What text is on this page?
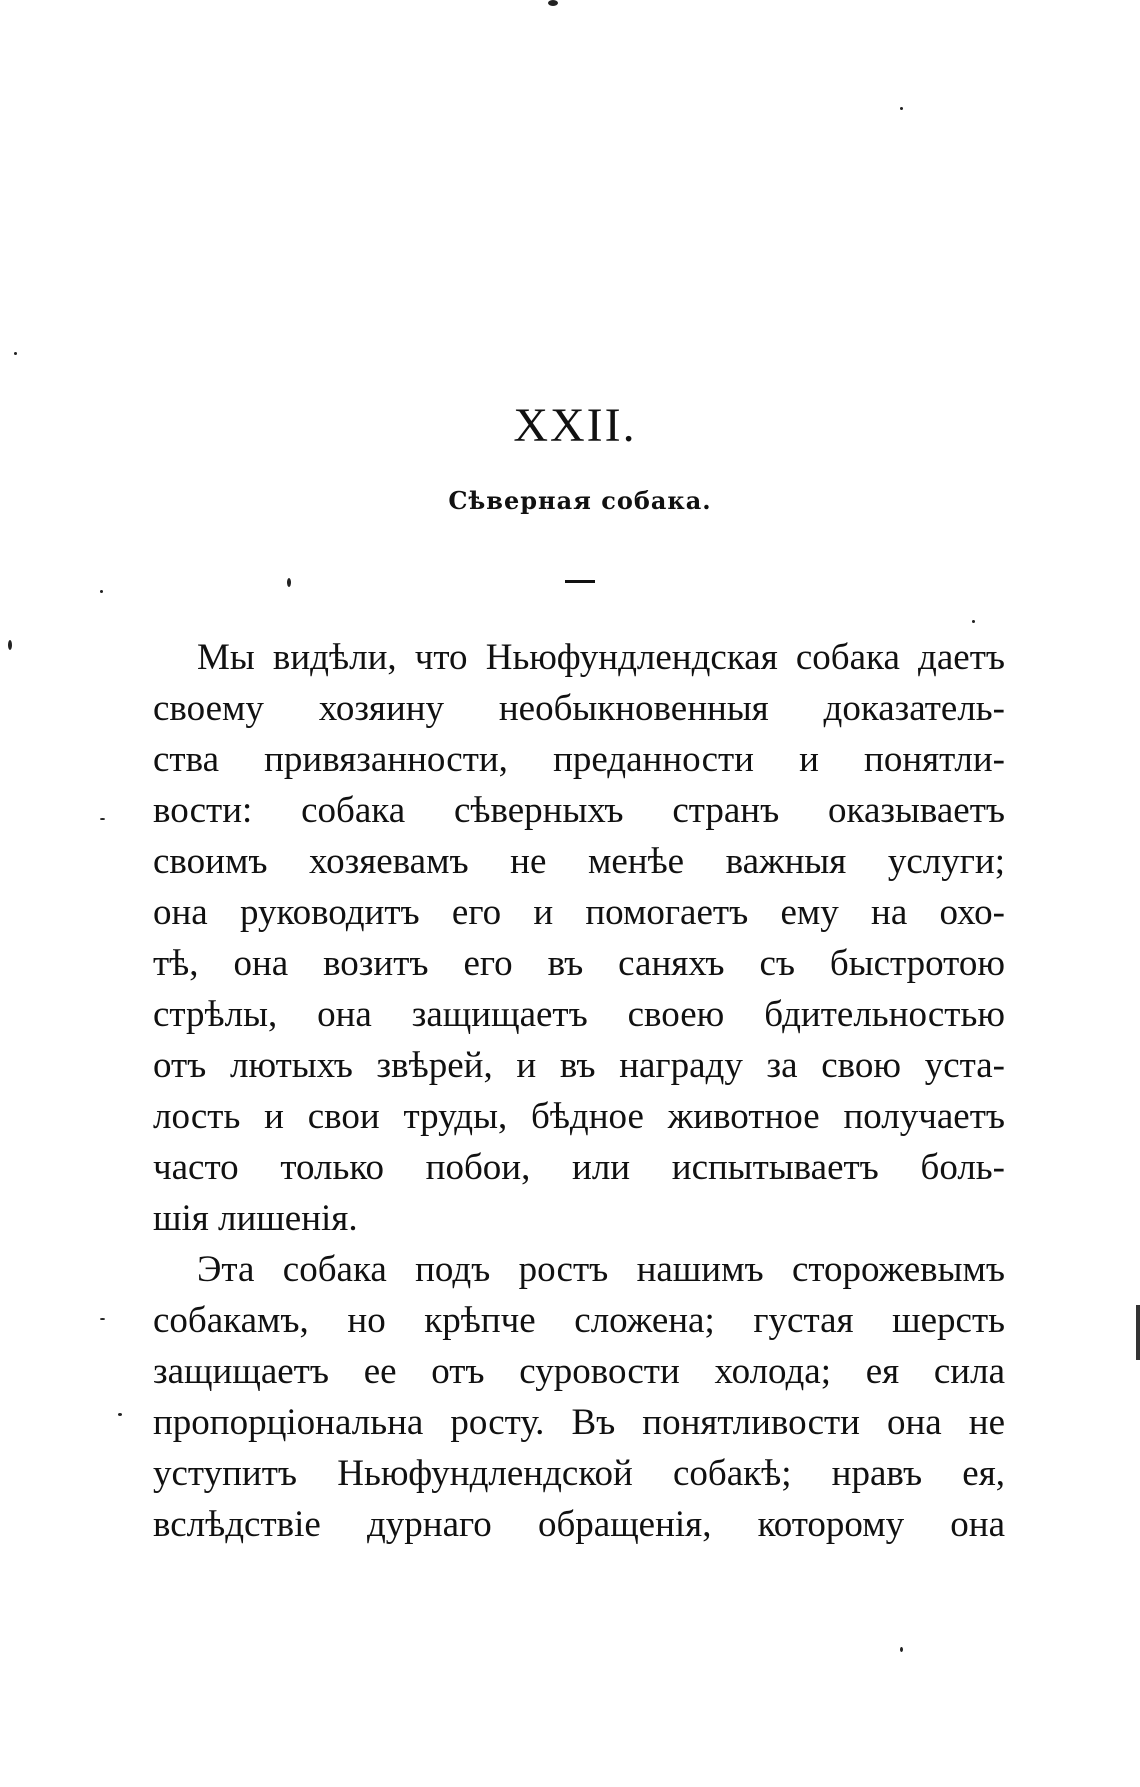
XXII.
Сѣверная собака.
Мы видѣли, что Ньюфундлендская собака даетъ
своему хозяину необыкновенныя доказатель-
ства привязанности, преданности и понятли-
вости: собака сѣверныхъ странъ оказываетъ
своимъ хозяевамъ не менѣе важныя услуги;
она руководитъ его и помогаетъ ему на охо-
тѣ, она возитъ его въ саняхъ съ быстротою
стрѣлы, она защищаетъ своею бдительностью
отъ лютыхъ звѣрей, и въ награду за свою уста-
лость и свои труды, бѣдное животное получаетъ
часто только побои, или испытываетъ боль-
шія лишенія.
Эта собака подъ ростъ нашимъ сторожевымъ
собакамъ, но крѣпче сложена; густая шерсть
защищаетъ ее отъ суровости холода; ея сила
пропорціональна росту. Въ понятливости она не
уступитъ Ньюфундлендской собакѣ; нравъ ея,
вслѣдствіе дурнаго обращенія, которому она
